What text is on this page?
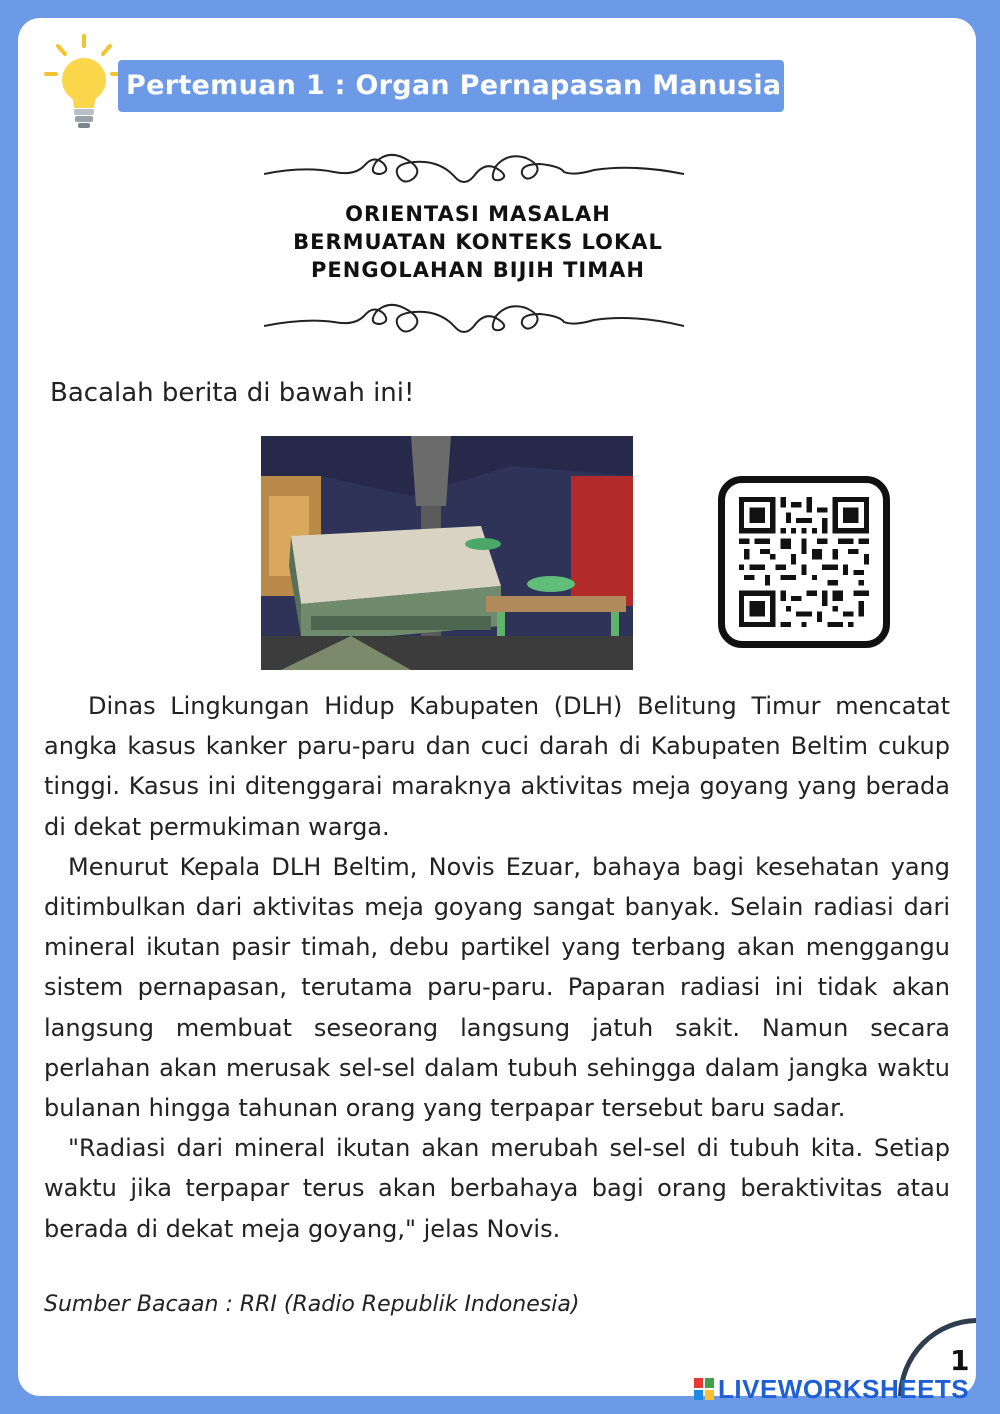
Pertemuan 1 : Organ Pernapasan Manusia
ORIENTASI MASALAH
BERMUATAN KONTEKS LOKAL
PENGOLAHAN BIJIH TIMAH
Bacalah berita di bawah ini!

Dinas Lingkungan Hidup Kabupaten (DLH) Belitung Timur mencatat angka kasus kanker paru-paru dan cuci darah di Kabupaten Beltim cukup tinggi. Kasus ini ditenggarai maraknya aktivitas meja goyang yang berada di dekat permukiman warga.

Menurut Kepala DLH Beltim, Novis Ezuar, bahaya bagi kesehatan yang ditimbulkan dari aktivitas meja goyang sangat banyak. Selain radiasi dari mineral ikutan pasir timah, debu partikel yang terbang akan menggangu sistem pernapasan, terutama paru-paru. Paparan radiasi ini tidak akan langsung membuat seseorang langsung jatuh sakit. Namun secara perlahan akan merusak sel-sel dalam tubuh sehingga dalam jangka waktu bulanan hingga tahunan orang yang terpapar tersebut baru sadar.

"Radiasi dari mineral ikutan akan merubah sel-sel di tubuh kita. Setiap waktu jika terpapar terus akan berbahaya bagi orang beraktivitas atau berada di dekat meja goyang," jelas Novis.

Sumber Bacaan : RRI (Radio Republik Indonesia)
1
LIVEWORKSHEETS
